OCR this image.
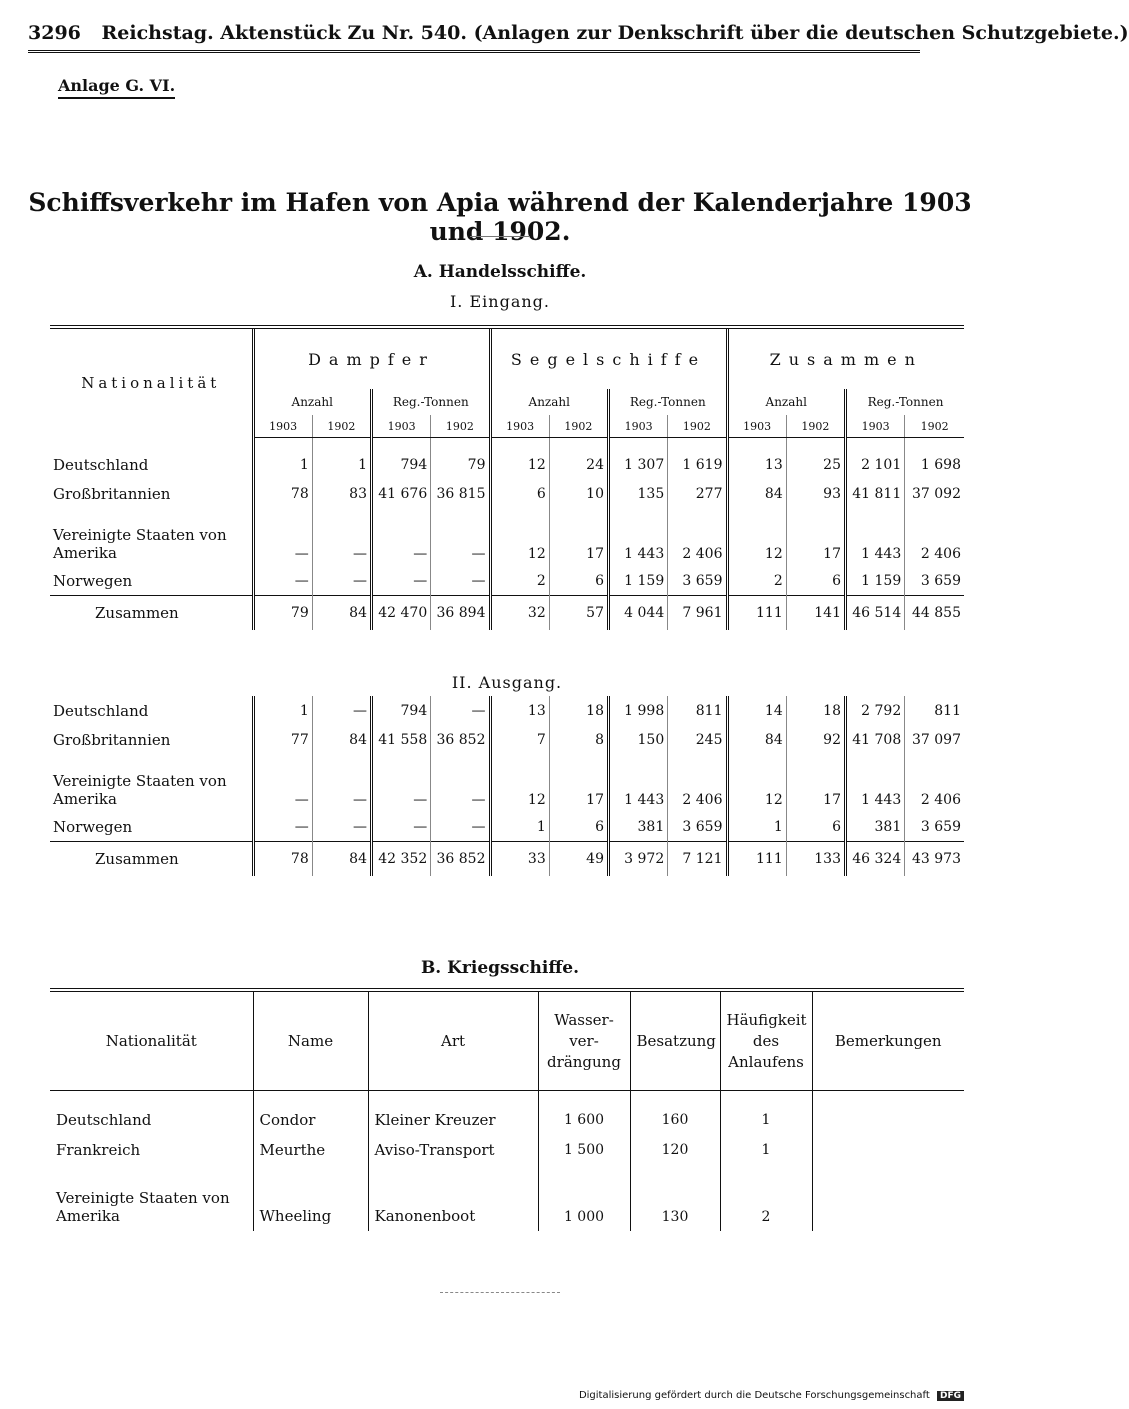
3296 Reichstag. Aktenstück Zu Nr. 540. (Anlagen zur Denkschrift über die deutschen Schutzgebiete.)
Anlage G. VI.
Schiffsverkehr im Hafen von Apia während der Kalenderjahre 1903 und 1902.
A. Handelsschiffe.
I. Eingang.
Nationalität	Dampfer				Segelschiffe				Zusammen			
	Anzahl		Reg.-Tonnen		Anzahl		Reg.-Tonnen		Anzahl		Reg.-Tonnen	
	1903	1902	1903	1902	1903	1902	1903	1902	1903	1902	1903	1902

Deutschland	1	1	794	79	12	24	1 307	1 619	13	25	2 101	1 698
Großbritannien	78	83	41 676	36 815	6	10	135	277	84	93	41 811	37 092

Vereinigte Staaten von
Amerika	—	—	—	—	12	17	1 443	2 406	12	17	1 443	2 406
Norwegen	—	—	—	—	2	6	1 159	3 659	2	6	1 159	3 659
Zusammen	79	84	42 470	36 894	32	57	4 044	7 961	111	141	46 514	44 855

II. Ausgang.												
Deutschland	1	—	794	—	13	18	1 998	811	14	18	2 792	811
Großbritannien	77	84	41 558	36 852	7	8	150	245	84	92	41 708	37 097

Vereinigte Staaten von
Amerika	—	—	—	—	12	17	1 443	2 406	12	17	1 443	2 406
Norwegen	—	—	—	—	1	6	381	3 659	1	6	381	3 659
Zusammen	78	84	42 352	36 852	33	49	3 972	7 121	111	133	46 324	43 973
B. Kriegsschiffe.
Nationalität	Name	Art	Wasser-
ver-
drängung	Besatzung	Häufigkeit
des
Anlaufens	Bemerkungen

Deutschland	Condor	Kleiner Kreuzer	1 600	160	1	
Frankreich	Meurthe	Aviso-Transport	1 500	120	1	

Vereinigte Staaten von
Amerika	Wheeling	Kanonenboot	1 000	130	2	
Digitalisierung gefördert durch die Deutsche Forschungsgemeinschaft DFG
